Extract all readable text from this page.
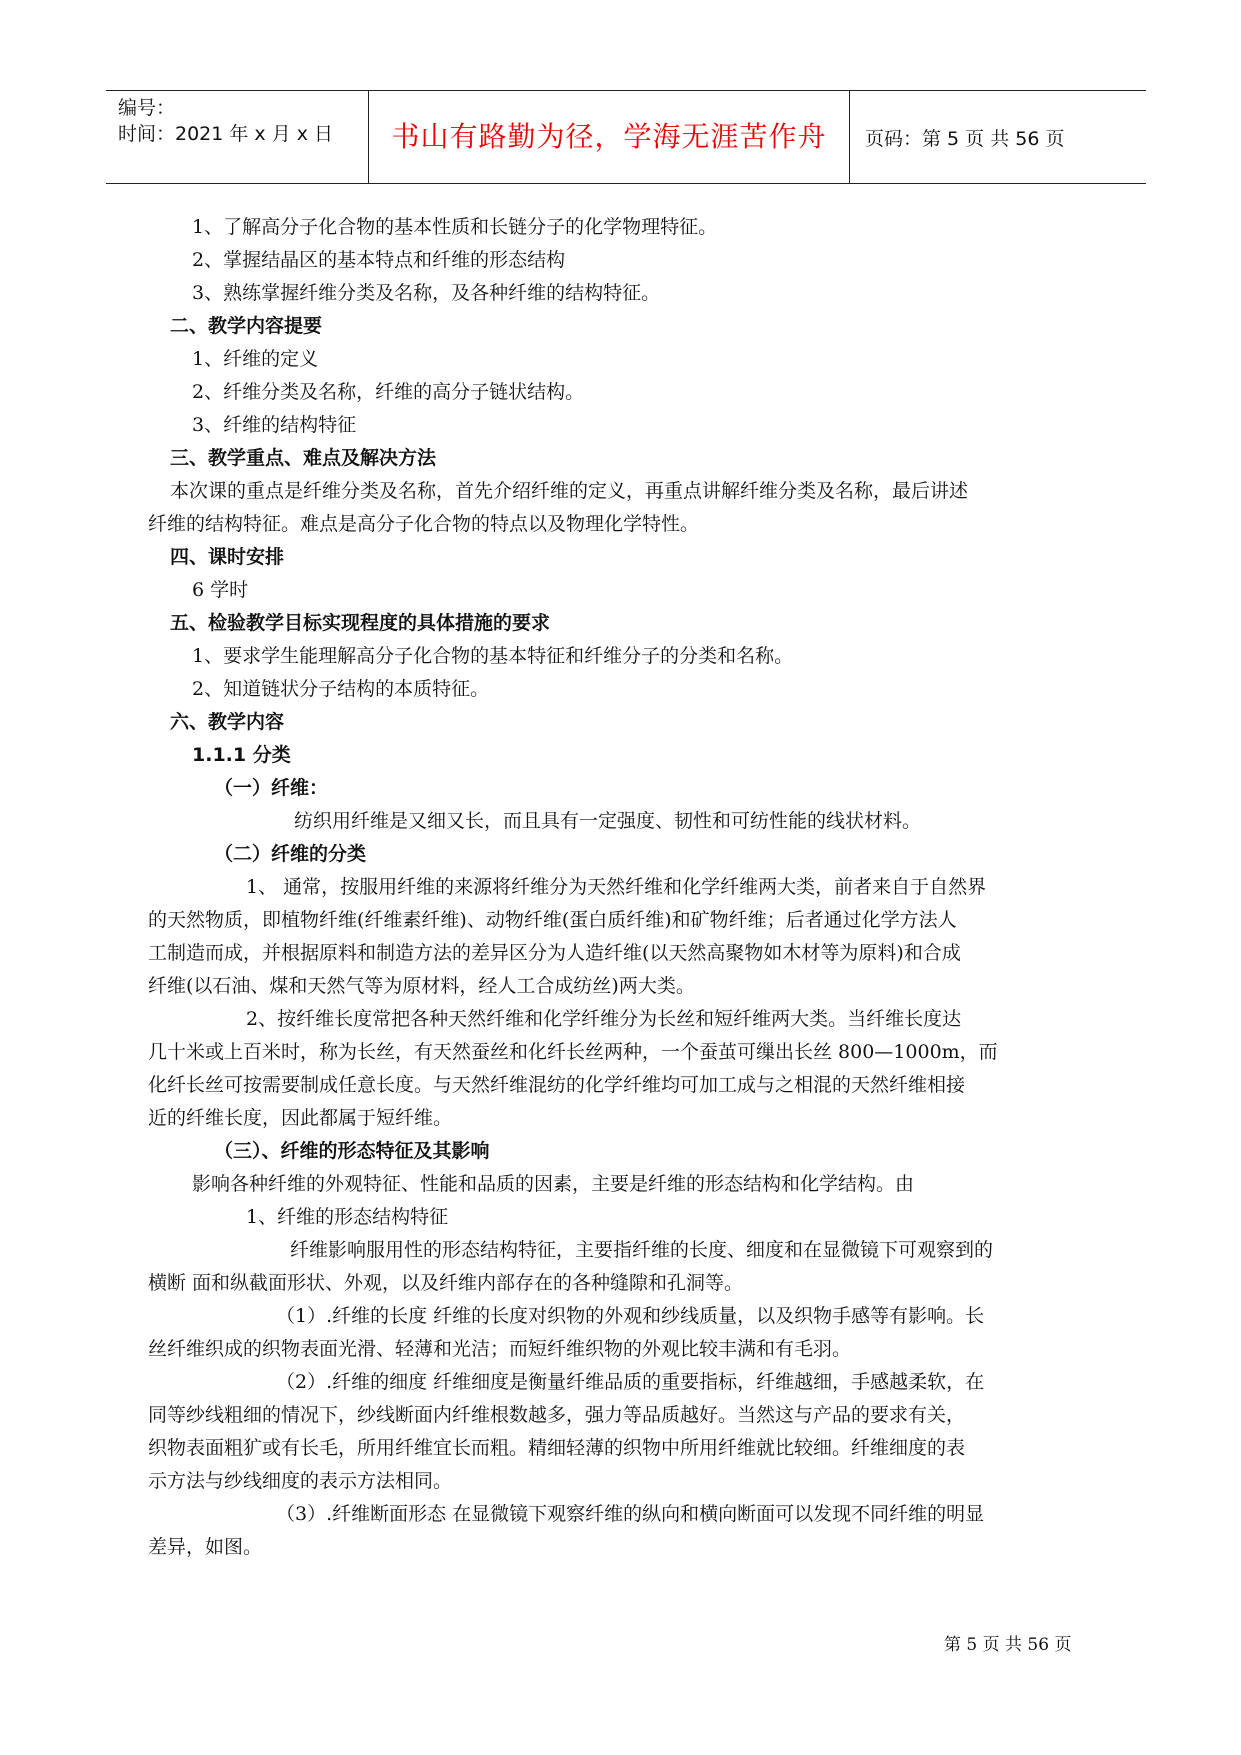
编号：
时间：2021 年 x 月 x 日	书山有路勤为径，学海无涯苦作舟	页码：第 5 页 共 56 页
1、了解高分子化合物的基本性质和长链分子的化学物理特征。
2、掌握结晶区的基本特点和纤维的形态结构
3、熟练掌握纤维分类及名称，及各种纤维的结构特征。
二、教学内容提要
1、纤维的定义
2、纤维分类及名称，纤维的高分子链状结构。
3、纤维的结构特征
三、教学重点、难点及解决方法
本次课的重点是纤维分类及名称，首先介绍纤维的定义，再重点讲解纤维分类及名称，最后讲述
纤维的结构特征。难点是高分子化合物的特点以及物理化学特性。
四、课时安排
6 学时
五、检验教学目标实现程度的具体措施的要求
1、要求学生能理解高分子化合物的基本特征和纤维分子的分类和名称。
2、知道链状分子结构的本质特征。
六、教学内容
1.1.1 分类
（一）纤维：
纺织用纤维是又细又长，而且具有一定强度、韧性和可纺性能的线状材料。
（二）纤维的分类
1、 通常，按服用纤维的来源将纤维分为天然纤维和化学纤维两大类，前者来自于自然界
的天然物质，即植物纤维(纤维素纤维)、动物纤维(蛋白质纤维)和矿物纤维；后者通过化学方法人
工制造而成，并根据原料和制造方法的差异区分为人造纤维(以天然高聚物如木材等为原料)和合成
纤维(以石油、煤和天然气等为原材料，经人工合成纺丝)两大类。
2、按纤维长度常把各种天然纤维和化学纤维分为长丝和短纤维两大类。当纤维长度达
几十米或上百米时，称为长丝，有天然蚕丝和化纤长丝两种，一个蚕茧可缫出长丝 800—1000m，而
化纤长丝可按需要制成任意长度。与天然纤维混纺的化学纤维均可加工成与之相混的天然纤维相接
近的纤维长度，因此都属于短纤维。
（三）、纤维的形态特征及其影响
影响各种纤维的外观特征、性能和品质的因素，主要是纤维的形态结构和化学结构。由
1、纤维的形态结构特征
纤维影响服用性的形态结构特征，主要指纤维的长度、细度和在显微镜下可观察到的
横断 面和纵截面形状、外观，以及纤维内部存在的各种缝隙和孔洞等。
（1）.纤维的长度 纤维的长度对织物的外观和纱线质量，以及织物手感等有影响。长
丝纤维织成的织物表面光滑、轻薄和光洁；而短纤维织物的外观比较丰满和有毛羽。
（2）.纤维的细度 纤维细度是衡量纤维品质的重要指标，纤维越细，手感越柔软，在
同等纱线粗细的情况下，纱线断面内纤维根数越多，强力等品质越好。当然这与产品的要求有关，
织物表面粗犷或有长毛，所用纤维宜长而粗。精细轻薄的织物中所用纤维就比较细。纤维细度的表
示方法与纱线细度的表示方法相同。
（3）.纤维断面形态 在显微镜下观察纤维的纵向和横向断面可以发现不同纤维的明显
差异，如图。
第 5 页 共 56 页
